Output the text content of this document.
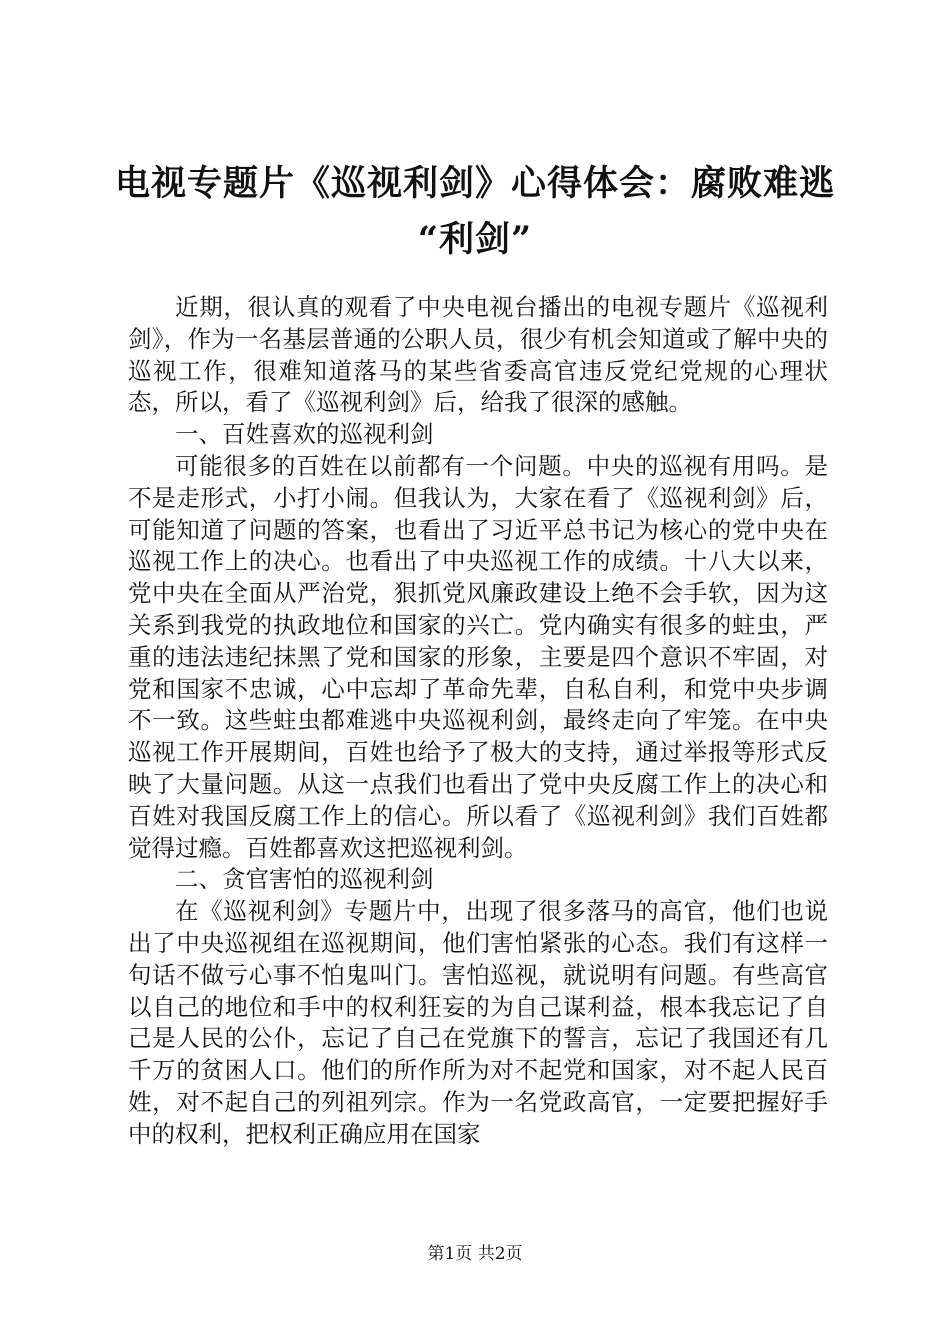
电视专题片《巡视利剑》心得体会：腐败难逃
“利剑”

近期，很认真的观看了中央电视台播出的电视专题片《巡视利剑》，作为一名基层普通的公职人员，很少有机会知道或了解中央的巡视工作，很难知道落马的某些省委高官违反党纪党规的心理状态，所以，看了《巡视利剑》后，给我了很深的感触。

一、百姓喜欢的巡视利剑

可能很多的百姓在以前都有一个问题。中央的巡视有用吗。是不是走形式，小打小闹。但我认为，大家在看了《巡视利剑》后，可能知道了问题的答案，也看出了习近平总书记为核心的党中央在巡视工作上的决心。也看出了中央巡视工作的成绩。十八大以来，党中央在全面从严治党，狠抓党风廉政建设上绝不会手软，因为这关系到我党的执政地位和国家的兴亡。党内确实有很多的蛀虫，严重的违法违纪抹黑了党和国家的形象，主要是四个意识不牢固，对党和国家不忠诚，心中忘却了革命先辈，自私自利，和党中央步调不一致。这些蛀虫都难逃中央巡视利剑，最终走向了牢笼。在中央巡视工作开展期间，百姓也给予了极大的支持，通过举报等形式反映了大量问题。从这一点我们也看出了党中央反腐工作上的决心和百姓对我国反腐工作上的信心。所以看了《巡视利剑》我们百姓都觉得过瘾。百姓都喜欢这把巡视利剑。

二、贪官害怕的巡视利剑

在《巡视利剑》专题片中，出现了很多落马的高官，他们也说出了中央巡视组在巡视期间，他们害怕紧张的心态。我们有这样一句话不做亏心事不怕鬼叫门。害怕巡视，就说明有问题。有些高官以自己的地位和手中的权利狂妄的为自己谋利益，根本我忘记了自己是人民的公仆，忘记了自己在党旗下的誓言，忘记了我国还有几千万的贫困人口。他们的所作所为对不起党和国家，对不起人民百姓，对不起自己的列祖列宗。作为一名党政高官，一定要把握好手中的权利，把权利正确应用在国家

第1页 共2页
